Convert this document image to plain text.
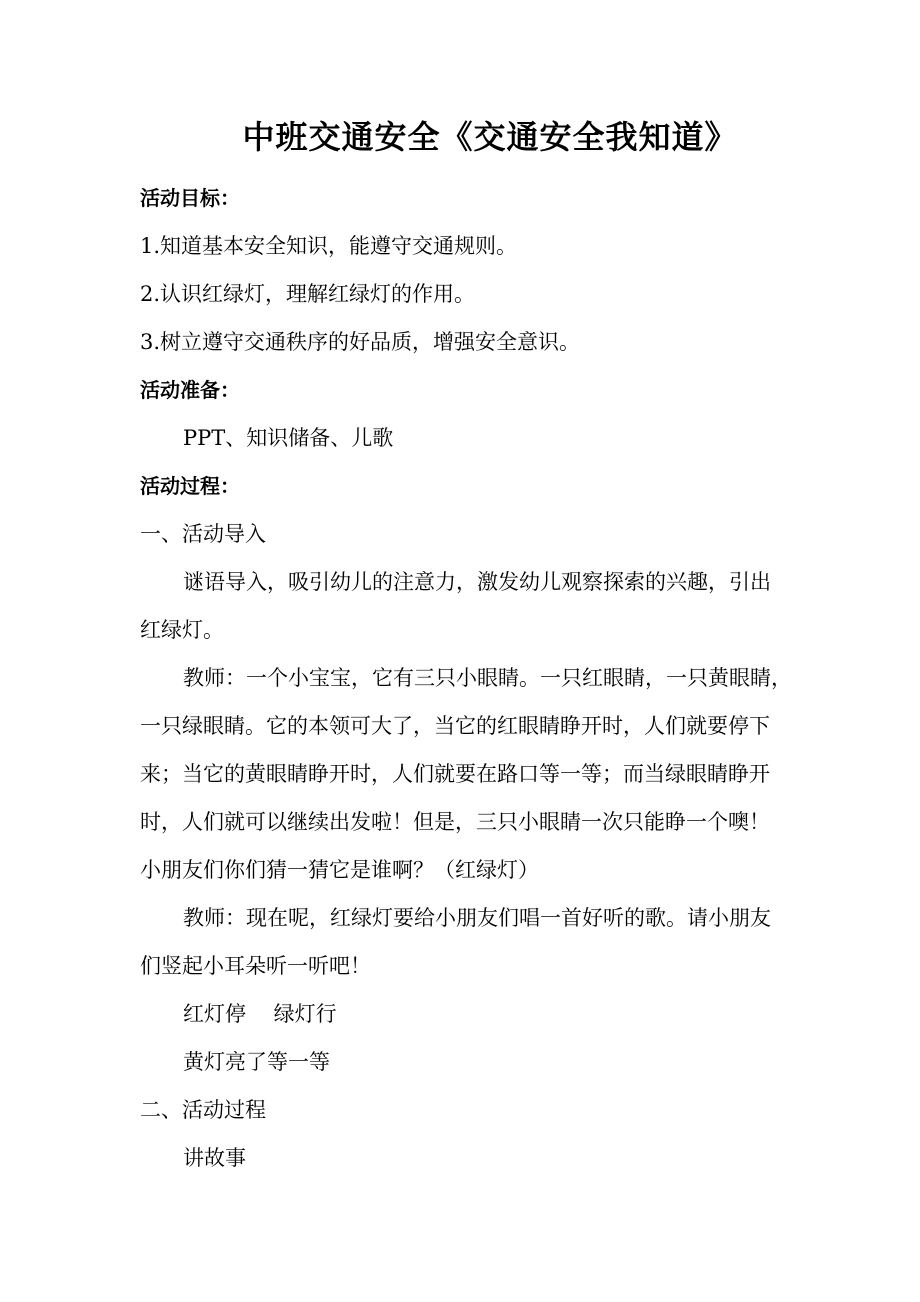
中班交通安全《交通安全我知道》
活动目标：
1.知道基本安全知识，能遵守交通规则。
2.认识红绿灯，理解红绿灯的作用。
3.树立遵守交通秩序的好品质，增强安全意识。
活动准备：
PPT、知识储备、儿歌
活动过程：
一、活动导入
谜语导入，吸引幼儿的注意力，激发幼儿观察探索的兴趣，引出
红绿灯。
教师：一个小宝宝，它有三只小眼睛。一只红眼睛，一只黄眼睛，
一只绿眼睛。它的本领可大了，当它的红眼睛睁开时，人们就要停下
来；当它的黄眼睛睁开时，人们就要在路口等一等；而当绿眼睛睁开
时，人们就可以继续出发啦！但是，三只小眼睛一次只能睁一个噢！
小朋友们你们猜一猜它是谁啊？（红绿灯）
教师：现在呢，红绿灯要给小朋友们唱一首好听的歌。请小朋友
们竖起小耳朵听一听吧！
红灯停　 绿灯行
黄灯亮了等一等
二、活动过程
讲故事
